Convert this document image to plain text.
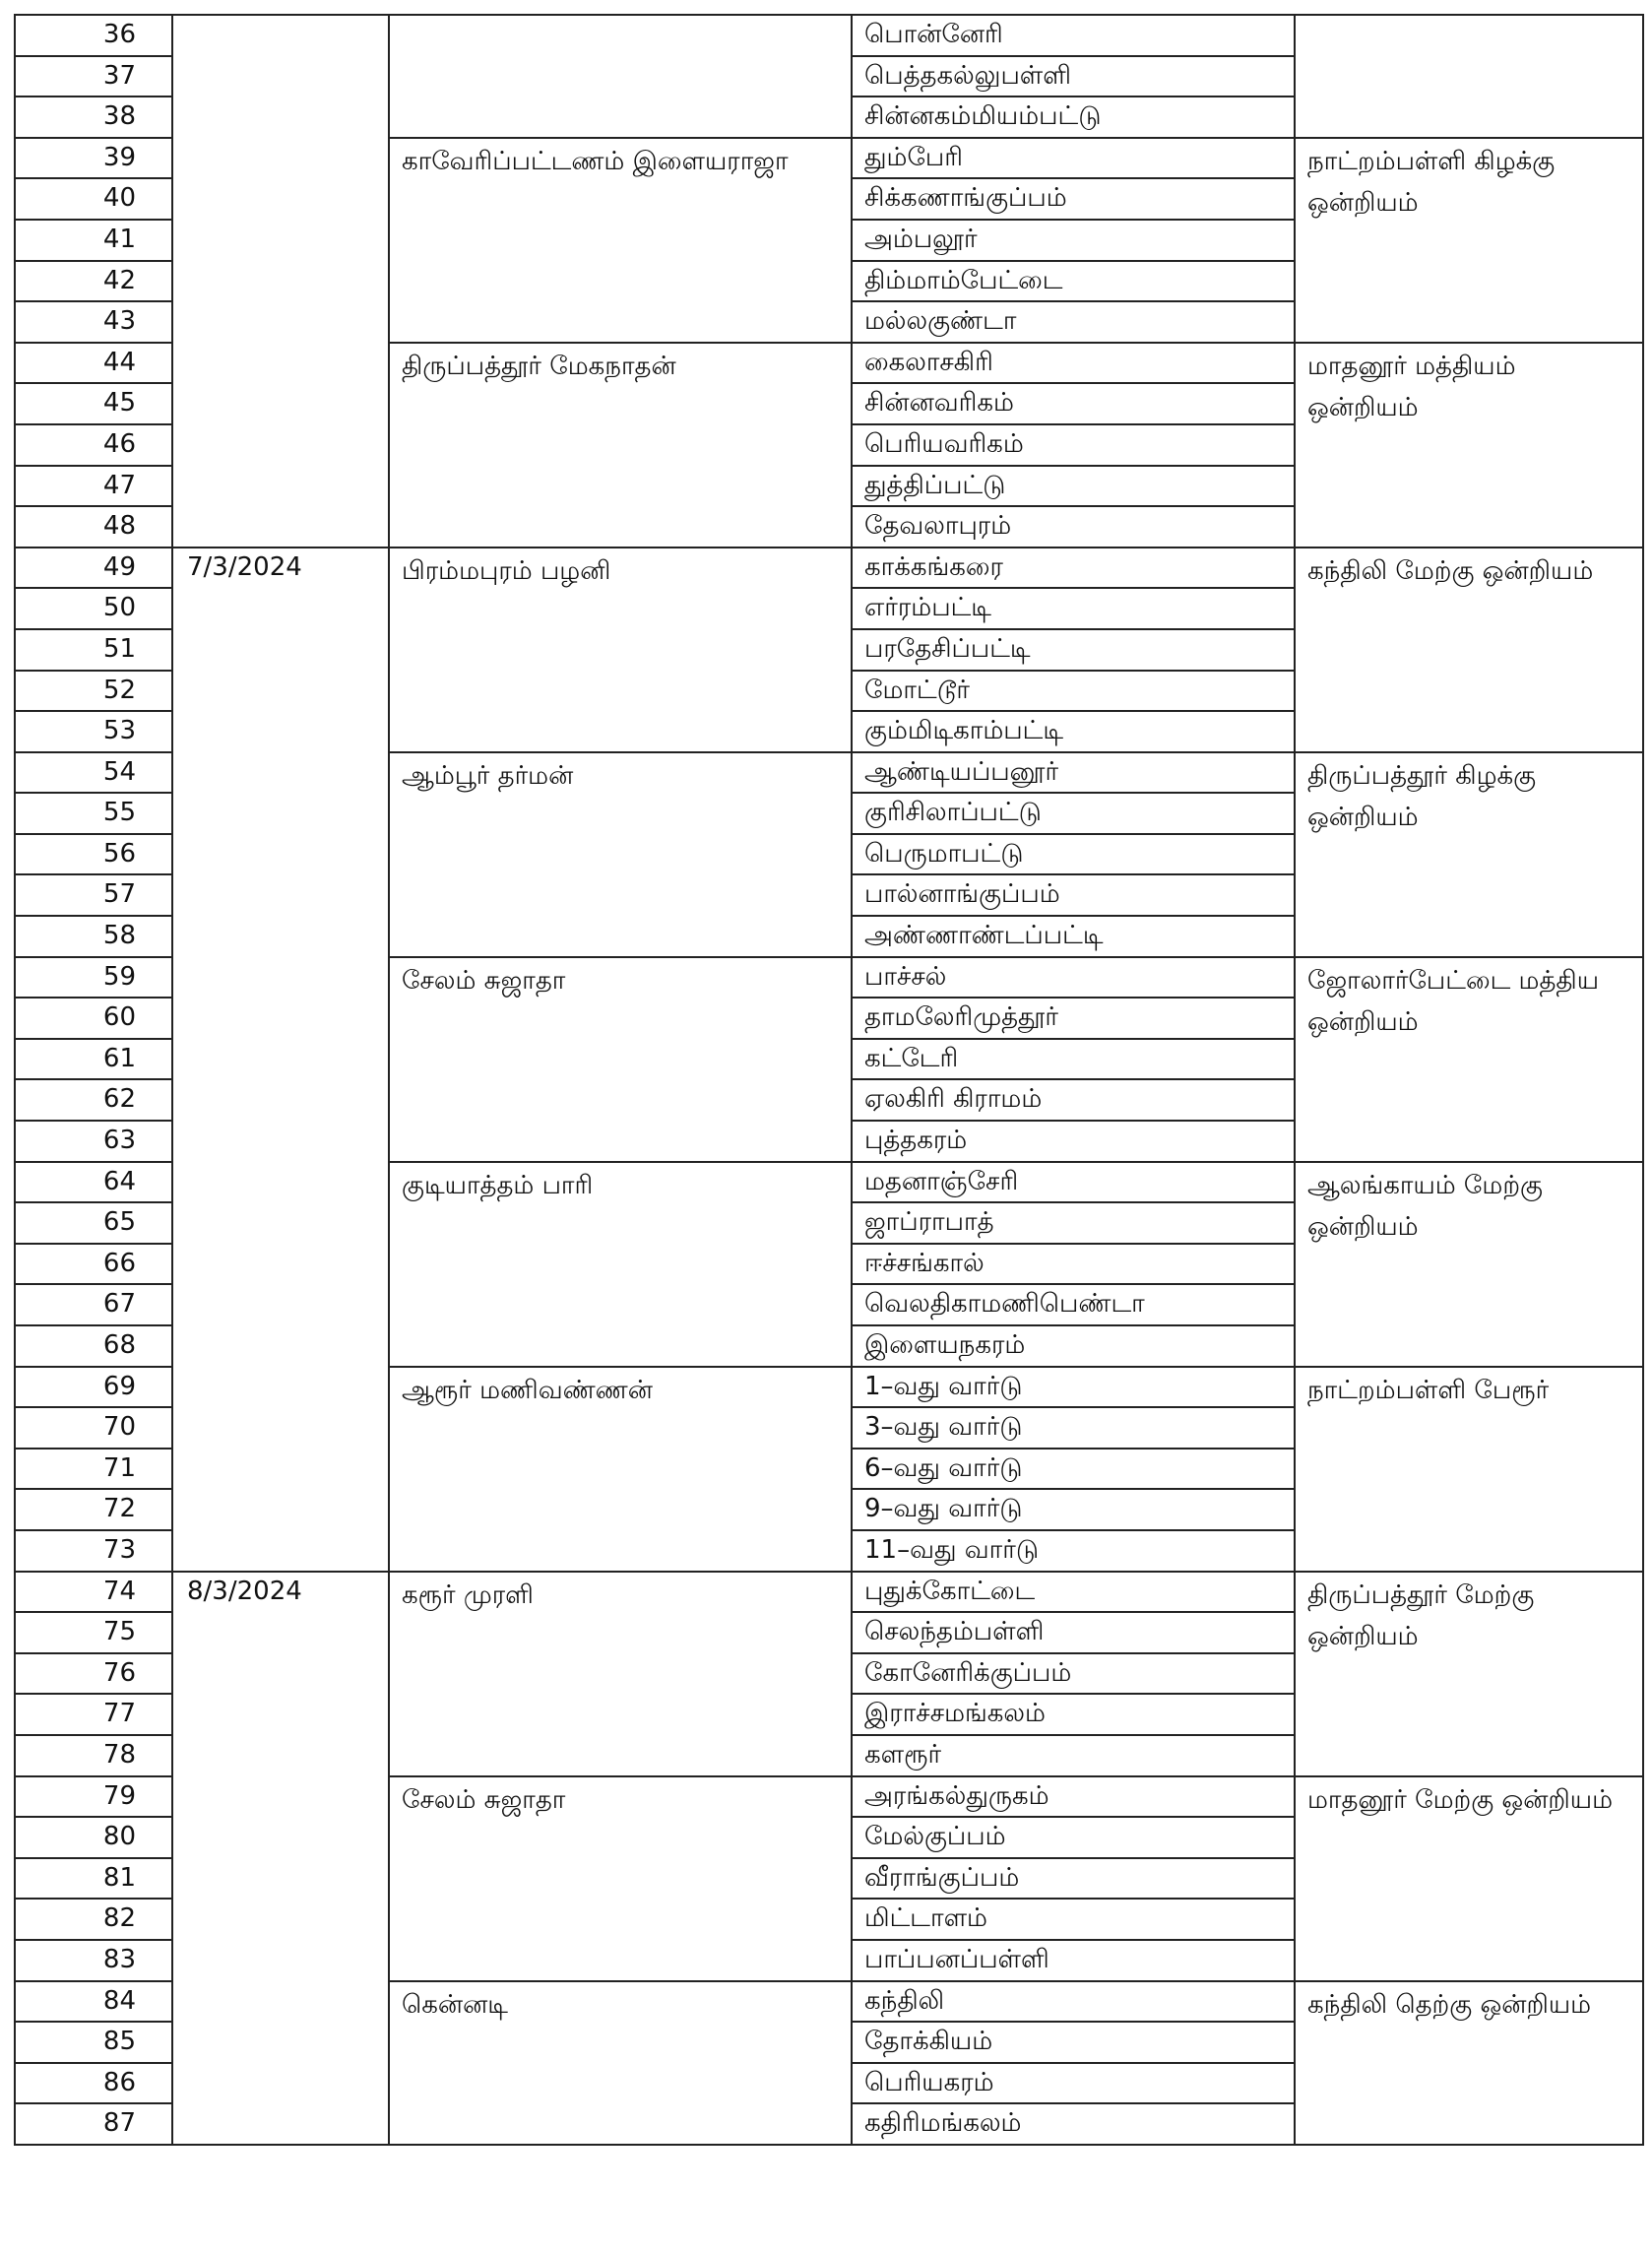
36			பொன்னேரி	
37			பெத்தகல்லுபள்ளி	
38			சின்னகம்மியம்பட்டு	
39		காவேரிப்பட்டணம் இளையராஜா	தும்பேரி	நாட்றம்பள்ளி கிழக்கு ஒன்றியம்
40			சிக்கணாங்குப்பம்	
41			அம்பலூர்	
42			திம்மாம்பேட்டை	
43			மல்லகுண்டா	
44		திருப்பத்தூர் மேகநாதன்	கைலாசகிரி	மாதனூர் மத்தியம் ஒன்றியம்
45			சின்னவரிகம்	
46			பெரியவரிகம்	
47			துத்திப்பட்டு	
48			தேவலாபுரம்	
49	7/3/2024	பிரம்மபுரம் பழனி	காக்கங்கரை	கந்திலி மேற்கு ஒன்றியம்
50			எர்ரம்பட்டி	
51			பரதேசிப்பட்டி	
52			மோட்டூர்	
53			கும்மிடிகாம்பட்டி	
54		ஆம்பூர் தர்மன்	ஆண்டியப்பனூர்	திருப்பத்தூர் கிழக்கு ஒன்றியம்
55			குரிசிலாப்பட்டு	
56			பெருமாபட்டு	
57			பால்னாங்குப்பம்	
58			அண்ணாண்டப்பட்டி	
59		சேலம் சுஜாதா	பாச்சல்	ஜோலார்பேட்டை மத்திய ஒன்றியம்
60			தாமலேரிமுத்தூர்	
61			கட்டேரி	
62			ஏலகிரி கிராமம்	
63			புத்தகரம்	
64		குடியாத்தம் பாரி	மதனாஞ்சேரி	ஆலங்காயம் மேற்கு ஒன்றியம்
65			ஜாப்ராபாத்	
66			ஈச்சங்கால்	
67			வெலதிகாமணிபெண்டா	
68			இளையநகரம்	
69		ஆரூர் மணிவண்ணன்	1–வது வார்டு	நாட்றம்பள்ளி பேரூர்
70			3–வது வார்டு	
71			6–வது வார்டு	
72			9–வது வார்டு	
73			11–வது வார்டு	
74	8/3/2024	கரூர் முரளி	புதுக்கோட்டை	திருப்பத்தூர் மேற்கு ஒன்றியம்
75			செலந்தம்பள்ளி	
76			கோனேரிக்குப்பம்	
77			இராச்சமங்கலம்	
78			களரூர்	
79		சேலம் சுஜாதா	அரங்கல்துருகம்	மாதனூர் மேற்கு ஒன்றியம்
80			மேல்குப்பம்	
81			வீராங்குப்பம்	
82			மிட்டாளம்	
83			பாப்பனப்பள்ளி	
84		கென்னடி	கந்திலி	கந்திலி தெற்கு ஒன்றியம்
85			தோக்கியம்	
86			பெரியகரம்	
87			கதிரிமங்கலம்	
